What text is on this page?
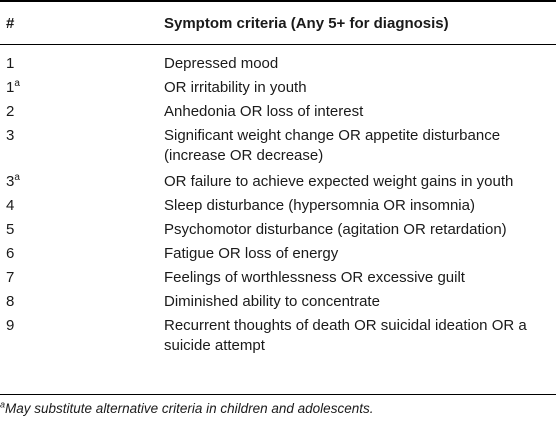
#	Symptom criteria (Any 5+ for diagnosis)
1	Depressed mood
1$^a$	OR irritability in youth
2	Anhedonia OR loss of interest
3	Significant weight change OR appetite disturbance (increase OR decrease)
3$^a$	OR failure to achieve expected weight gains in youth
4	Sleep disturbance (hypersomnia OR insomnia)
5	Psychomotor disturbance (agitation OR retardation)
6	Fatigue OR loss of energy
7	Feelings of worthlessness OR excessive guilt
8	Diminished ability to concentrate
9	Recurrent thoughts of death OR suicidal ideation OR a suicide attempt
$^a$May substitute alternative criteria in children and adolescents.
